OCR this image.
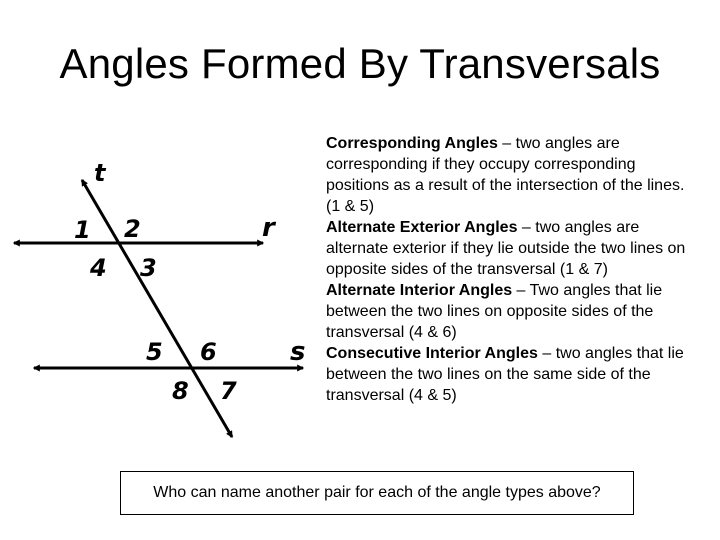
Angles Formed By Transversals
t
r
s
1 2
3
4
5 6
7
8

Corresponding Angles – two angles are corresponding if they occupy corresponding positions as a result of the intersection of the lines. (1 & 5)

Alternate Exterior Angles – two angles are alternate exterior if they lie outside the two lines on opposite sides of the transversal (1 & 7)

Alternate Interior Angles – Two angles that lie between the two lines on opposite sides of the transversal (4 & 6)

Consecutive Interior Angles – two angles that lie between the two lines on the same side of the transversal (4 & 5)

Who can name another pair for each of the angle types above?
